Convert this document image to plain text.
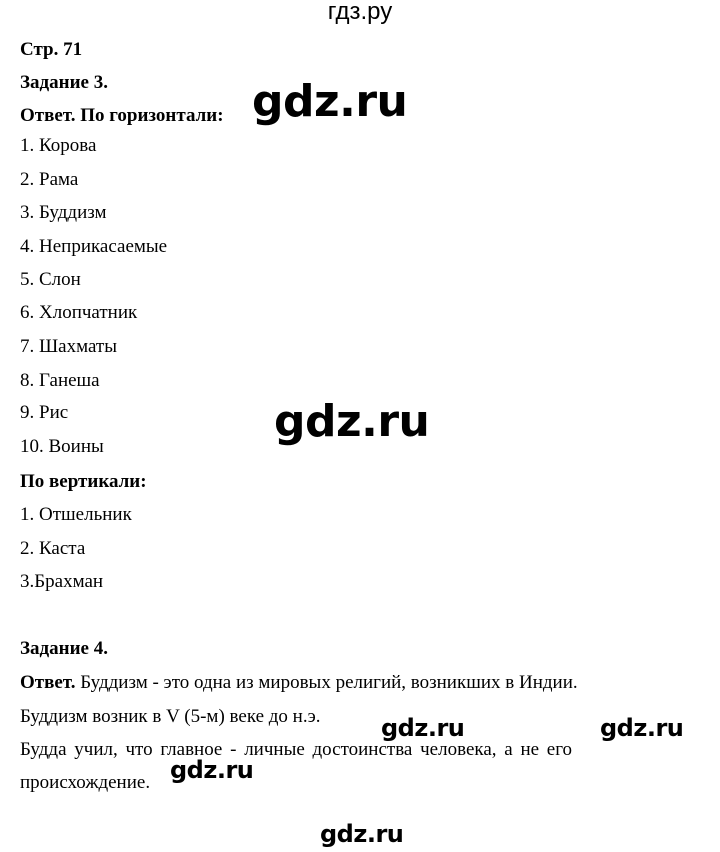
гдз.ру
Стр. 71
Задание 3.
Ответ. По горизонтали:
1. Корова
2. Рама
3. Буддизм
4. Неприкасаемые
5. Слон
6. Хлопчатник
7. Шахматы
8. Ганеша
9. Рис
10. Воины
По вертикали:
1. Отшельник
2. Каста
3.Брахман
Задание 4.
Ответ. Буддизм - это одна из мировых религий, возникших в Индии.
Буддизм возник в V (5-м) веке до н.э.
Будда учил, что главное - личные достоинства человека, а не его
происхождение.
gdz.ru
gdz.ru
gdz.ru	gdz.ru
gdz.ru
gdz.ru
